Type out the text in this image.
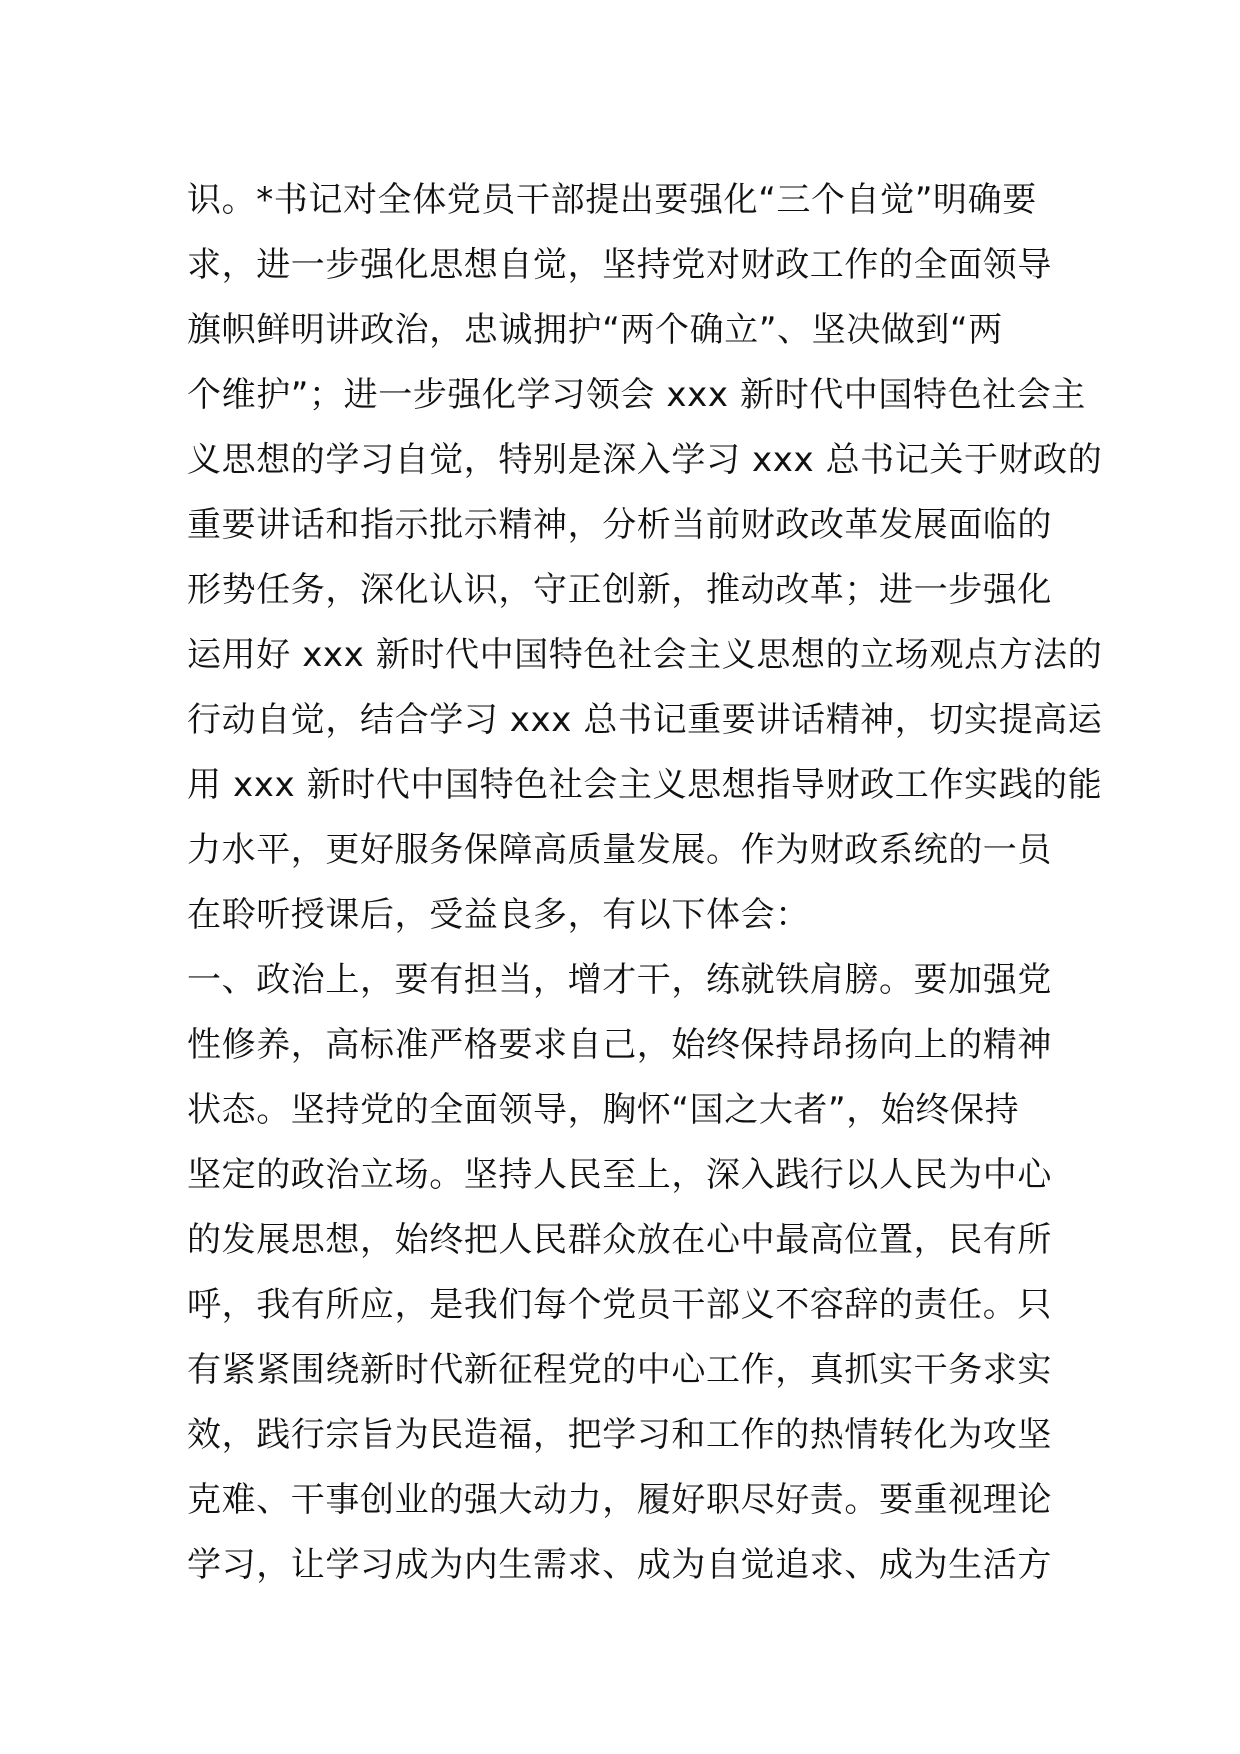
识。*书记对全体党员干部提出要强化“三个自觉”明确要
求，进一步强化思想自觉，坚持党对财政工作的全面领导
旗帜鲜明讲政治，忠诚拥护“两个确立”、坚决做到“两
个维护”；进一步强化学习领会 xxx 新时代中国特色社会主
义思想的学习自觉，特别是深入学习 xxx 总书记关于财政的
重要讲话和指示批示精神，分析当前财政改革发展面临的
形势任务，深化认识，守正创新，推动改革；进一步强化
运用好 xxx 新时代中国特色社会主义思想的立场观点方法的
行动自觉，结合学习 xxx 总书记重要讲话精神，切实提高运
用 xxx 新时代中国特色社会主义思想指导财政工作实践的能
力水平，更好服务保障高质量发展。作为财政系统的一员
在聆听授课后，受益良多，有以下体会：
一、政治上，要有担当，增才干，练就铁肩膀。要加强党
性修养，高标准严格要求自己，始终保持昂扬向上的精神
状态。坚持党的全面领导，胸怀“国之大者”，始终保持
坚定的政治立场。坚持人民至上，深入践行以人民为中心
的发展思想，始终把人民群众放在心中最高位置，民有所
呼，我有所应，是我们每个党员干部义不容辞的责任。只
有紧紧围绕新时代新征程党的中心工作，真抓实干务求实
效，践行宗旨为民造福，把学习和工作的热情转化为攻坚
克难、干事创业的强大动力，履好职尽好责。要重视理论
学习，让学习成为内生需求、成为自觉追求、成为生活方
